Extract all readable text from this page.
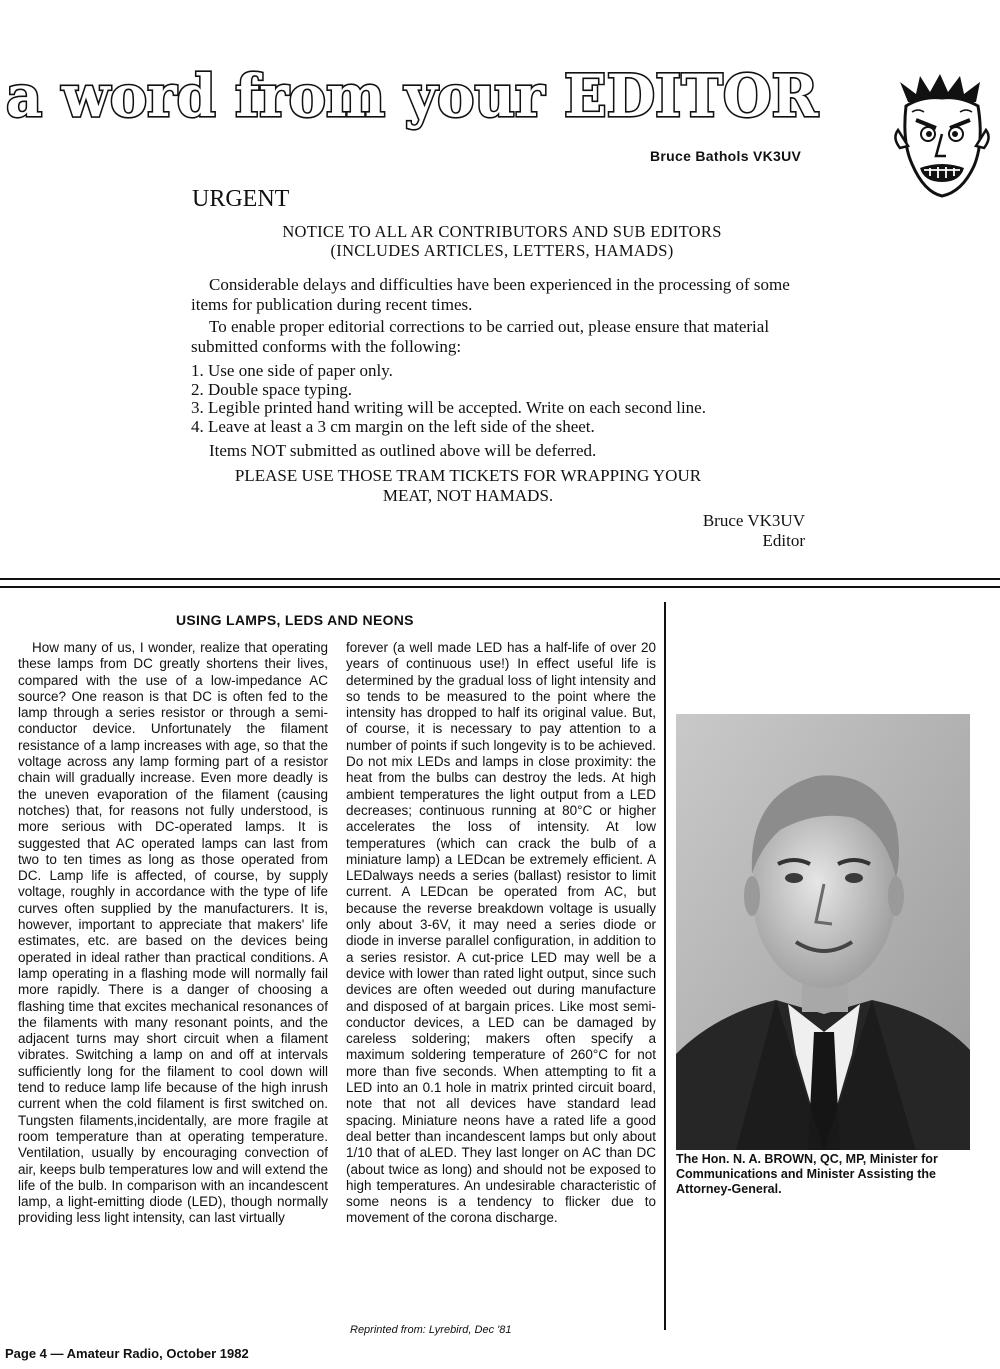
a word from your EDITOR
Bruce Bathols VK3UV
URGENT
NOTICE TO ALL AR CONTRIBUTORS AND SUB EDITORS
(INCLUDES ARTICLES, LETTERS, HAMADS)
Considerable delays and difficulties have been experienced in the processing of some items for publication during recent times.
To enable proper editorial corrections to be carried out, please ensure that material submitted conforms with the following:
1. Use one side of paper only.
2. Double space typing.
3. Legible printed hand writing will be accepted. Write on each second line.
4. Leave at least a 3 cm margin on the left side of the sheet.
Items NOT submitted as outlined above will be deferred.
PLEASE USE THOSE TRAM TICKETS FOR WRAPPING YOUR
MEAT, NOT HAMADS.
Bruce VK3UV
Editor
USING LAMPS, LEDS AND NEONS
How many of us, I wonder, realize that operating these lamps from DC greatly shortens their lives, compared with the use of a low-impedance AC source? One reason is that DC is often fed to the lamp through a series resistor or through a semi-conductor device. Unfortunately the filament resistance of a lamp increases with age, so that the voltage across any lamp forming part of a resistor chain will gradually increase. Even more deadly is the uneven evaporation of the filament (causing notches) that, for reasons not fully understood, is more serious with DC-operated lamps. It is suggested that AC operated lamps can last from two to ten times as long as those operated from DC. Lamp life is affected, of course, by supply voltage, roughly in accordance with the type of life curves often supplied by the manufacturers. It is, however, important to appreciate that makers' life estimates, etc. are based on the devices being operated in ideal rather than practical conditions. A lamp operating in a flashing mode will normally fail more rapidly. There is a danger of choosing a flashing time that excites mechanical resonances of the filaments with many resonant points, and the adjacent turns may short circuit when a filament vibrates. Switching a lamp on and off at intervals sufficiently long for the filament to cool down will tend to reduce lamp life because of the high inrush current when the cold filament is first switched on. Tungsten filaments,incidentally, are more fragile at room temperature than at operating temperature. Ventilation, usually by encouraging convection of air, keeps bulb temperatures low and will extend the life of the bulb. In comparison with an incandescent lamp, a light-emitting diode (LED), though normally providing less light intensity, can last virtually
forever (a well made LED has a half-life of over 20 years of continuous use!) In effect useful life is determined by the gradual loss of light intensity and so tends to be measured to the point where the intensity has dropped to half its original value. But, of course, it is necessary to pay attention to a number of points if such longevity is to be achieved. Do not mix LEDs and lamps in close proximity: the heat from the bulbs can destroy the leds. At high ambient temperatures the light output from a LED decreases; continuous running at 80°C or higher accelerates the loss of intensity. At low temperatures (which can crack the bulb of a miniature lamp) a LEDcan be extremely efficient. A LEDalways needs a series (ballast) resistor to limit current. A LEDcan be operated from AC, but because the reverse breakdown voltage is usually only about 3-6V, it may need a series diode or diode in inverse parallel configuration, in addition to a series resistor. A cut-price LED may well be a device with lower than rated light output, since such devices are often weeded out during manufacture and disposed of at bargain prices. Like most semi-conductor devices, a LED can be damaged by careless soldering; makers often specify a maximum soldering temperature of 260°C for not more than five seconds. When attempting to fit a LED into an 0.1 hole in matrix printed circuit board, note that not all devices have standard lead spacing. Miniature neons have a rated life a good deal better than incandescent lamps but only about 1/10 that of aLED. They last longer on AC than DC (about twice as long) and should not be exposed to high temperatures. An undesirable characteristic of some neons is a tendency to flicker due to movement of the corona discharge.
Reprinted from: Lyrebird, Dec '81
The Hon. N. A. BROWN, QC, MP, Minister for Communications and Minister Assisting the Attorney-General.
Page 4 — Amateur Radio, October 1982
